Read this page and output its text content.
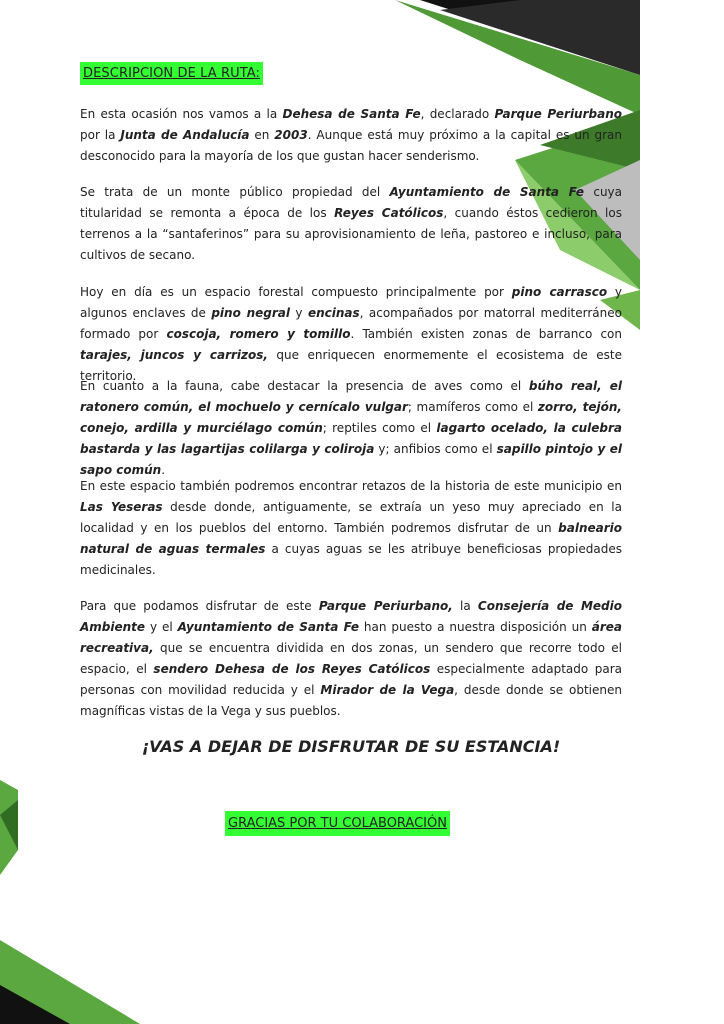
DESCRIPCION DE LA RUTA:

En esta ocasión nos vamos a la Dehesa de Santa Fe, declarado Parque Periurbano por la Junta de Andalucía en 2003. Aunque está muy próximo a la capital es un gran desconocido para la mayoría de los que gustan hacer senderismo.

Se trata de un monte público propiedad del Ayuntamiento de Santa Fe cuya titularidad se remonta a época de los Reyes Católicos, cuando éstos cedieron los terrenos a la “santaferinos” para su aprovisionamiento de leña, pastoreo e incluso, para cultivos de secano.

Hoy en día es un espacio forestal compuesto principalmente por pino carrasco y algunos enclaves de pino negral y encinas, acompañados por matorral mediterráneo formado por coscoja, romero y tomillo. También existen zonas de barranco con tarajes, juncos y carrizos, que enriquecen enormemente el ecosistema de este territorio.

En cuanto a la fauna, cabe destacar la presencia de aves como el búho real, el ratonero común, el mochuelo y cernícalo vulgar; mamíferos como el zorro, tejón, conejo, ardilla y murciélago común; reptiles como el lagarto ocelado, la culebra bastarda y las lagartijas colilarga y coliroja y; anfibios como el sapillo pintojo y el sapo común.

En este espacio también podremos encontrar retazos de la historia de este municipio en Las Yeseras desde donde, antiguamente, se extraía un yeso muy apreciado en la localidad y en los pueblos del entorno. También podremos disfrutar de un balneario natural de aguas termales a cuyas aguas se les atribuye beneficiosas propiedades medicinales.

Para que podamos disfrutar de este Parque Periurbano, la Consejería de Medio Ambiente y el Ayuntamiento de Santa Fe han puesto a nuestra disposición un área recreativa, que se encuentra dividida en dos zonas, un sendero que recorre todo el espacio, el sendero Dehesa de los Reyes Católicos especialmente adaptado para personas con movilidad reducida y el Mirador de la Vega, desde donde se obtienen magníficas vistas de la Vega y sus pueblos.

¡VAS A DEJAR DE DISFRUTAR DE SU ESTANCIA!

GRACIAS POR TU COLABORACIÓN
